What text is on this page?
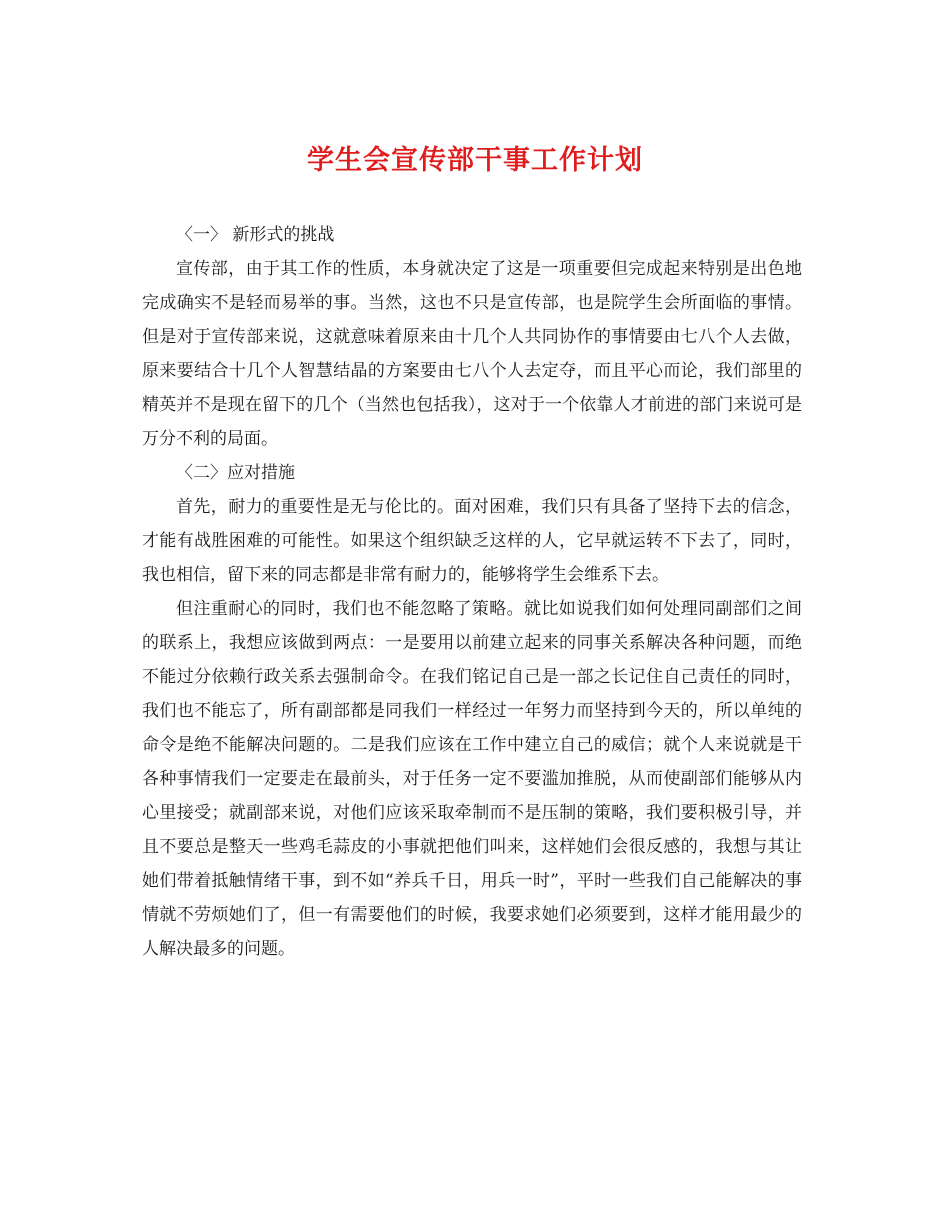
学生会宣传部干事工作计划

〈一〉 新形式的挑战

宣传部，由于其工作的性质，本身就决定了这是一项重要但完成起来特别是出色地完成确实不是轻而易举的事。当然，这也不只是宣传部，也是院学生会所面临的事情。但是对于宣传部来说，这就意味着原来由十几个人共同协作的事情要由七八个人去做，原来要结合十几个人智慧结晶的方案要由七八个人去定夺，而且平心而论，我们部里的精英并不是现在留下的几个（当然也包括我），这对于一个依靠人才前进的部门来说可是万分不利的局面。

〈二〉应对措施

首先，耐力的重要性是无与伦比的。面对困难，我们只有具备了坚持下去的信念，才能有战胜困难的可能性。如果这个组织缺乏这样的人，它早就运转不下去了，同时，我也相信，留下来的同志都是非常有耐力的，能够将学生会维系下去。

但注重耐心的同时，我们也不能忽略了策略。就比如说我们如何处理同副部们之间的联系上，我想应该做到两点：一是要用以前建立起来的同事关系解决各种问题，而绝不能过分依赖行政关系去强制命令。在我们铭记自己是一部之长记住自己责任的同时，我们也不能忘了，所有副部都是同我们一样经过一年努力而坚持到今天的，所以单纯的命令是绝不能解决问题的。二是我们应该在工作中建立自己的威信；就个人来说就是干各种事情我们一定要走在最前头，对于任务一定不要滥加推脱，从而使副部们能够从内心里接受；就副部来说，对他们应该采取牵制而不是压制的策略，我们要积极引导，并且不要总是整天一些鸡毛蒜皮的小事就把他们叫来，这样她们会很反感的，我想与其让她们带着抵触情绪干事，到不如“养兵千日，用兵一时”，平时一些我们自己能解决的事情就不劳烦她们了，但一有需要他们的时候，我要求她们必须要到，这样才能用最少的人解决最多的问题。
